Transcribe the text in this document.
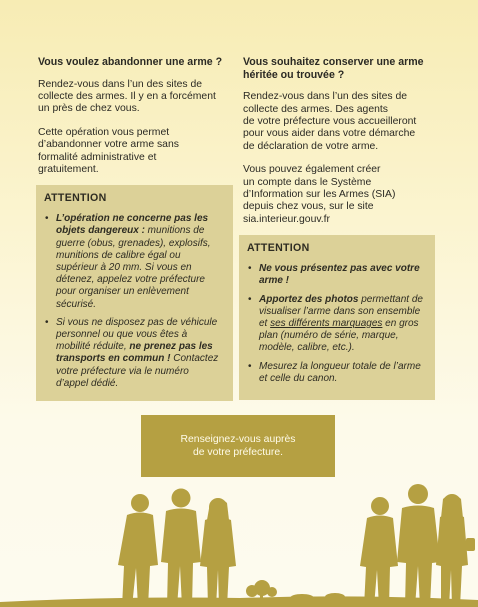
Vous voulez abandonner une arme ?
Rendez-vous dans l’un des sites de
collecte des armes. Il y en a forcément
un près de chez vous.
Cette opération vous permet
d’abandonner votre arme sans
formalité administrative et
gratuitement.
ATTENTION
• L’opération ne concerne pas les
objets dangereux : munitions de
guerre (obus, grenades), explosifs,
munitions de calibre égal ou
supérieur à 20 mm. Si vous en
détenez, appelez votre préfecture
pour organiser un enlèvement
sécurisé.
• Si vous ne disposez pas de véhicule
personnel ou que vous êtes à
mobilité réduite, ne prenez pas les
transports en commun ! Contactez
votre préfecture via le numéro
d’appel dédié.
Vous souhaitez conserver une arme
héritée ou trouvée ?
Rendez-vous dans l’un des sites de
collecte des armes. Des agents
de votre préfecture vous accueilleront
pour vous aider dans votre démarche
de déclaration de votre arme.
Vous pouvez également créer
un compte dans le Système
d’Information sur les Armes (SIA)
depuis chez vous, sur le site
sia.interieur.gouv.fr
ATTENTION
• Ne vous présentez pas avec votre
arme !
• Apportez des photos permettant de
visualiser l’arme dans son ensemble
et ses différents marquages en gros
plan (numéro de série, marque,
modèle, calibre, etc.).
• Mesurez la longueur totale de l’arme
et celle du canon.
Renseignez-vous auprès
de votre préfecture.
